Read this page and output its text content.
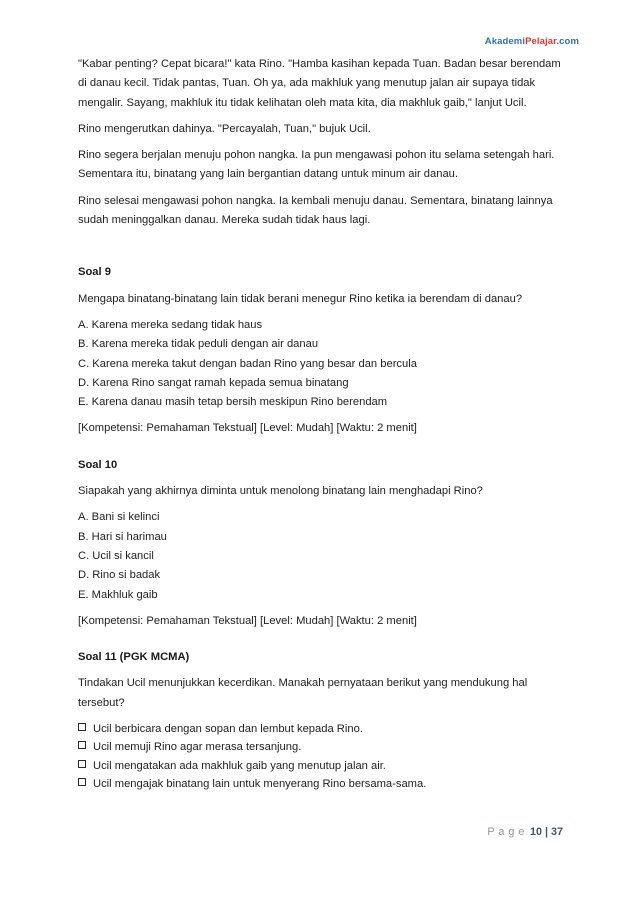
AkademiPelajar.com

"Kabar penting? Cepat bicara!" kata Rino. "Hamba kasihan kepada Tuan. Badan besar berendam
di danau kecil. Tidak pantas, Tuan. Oh ya, ada makhluk yang menutup jalan air supaya tidak
mengalir. Sayang, makhluk itu tidak kelihatan oleh mata kita, dia makhluk gaib," lanjut Ucil.

Rino mengerutkan dahinya. "Percayalah, Tuan," bujuk Ucil.

Rino segera berjalan menuju pohon nangka. Ia pun mengawasi pohon itu selama setengah hari.
Sementara itu, binatang yang lain bergantian datang untuk minum air danau.

Rino selesai mengawasi pohon nangka. Ia kembali menuju danau. Sementara, binatang lainnya
sudah meninggalkan danau. Mereka sudah tidak haus lagi.

Soal 9

Mengapa binatang-binatang lain tidak berani menegur Rino ketika ia berendam di danau?

A. Karena mereka sedang tidak haus
B. Karena mereka tidak peduli dengan air danau
C. Karena mereka takut dengan badan Rino yang besar dan bercula
D. Karena Rino sangat ramah kepada semua binatang
E. Karena danau masih tetap bersih meskipun Rino berendam

[Kompetensi: Pemahaman Tekstual] [Level: Mudah] [Waktu: 2 menit]

Soal 10

Siapakah yang akhirnya diminta untuk menolong binatang lain menghadapi Rino?

A. Bani si kelinci
B. Hari si harimau
C. Ucil si kancil
D. Rino si badak
E. Makhluk gaib

[Kompetensi: Pemahaman Tekstual] [Level: Mudah] [Waktu: 2 menit]

Soal 11 (PGK MCMA)

Tindakan Ucil menunjukkan kecerdikan. Manakah pernyataan berikut yang mendukung hal
tersebut?

Ucil berbicara dengan sopan dan lembut kepada Rino.
Ucil memuji Rino agar merasa tersanjung.
Ucil mengatakan ada makhluk gaib yang menutup jalan air.
Ucil mengajak binatang lain untuk menyerang Rino bersama-sama.
P a g e 10 | 37
